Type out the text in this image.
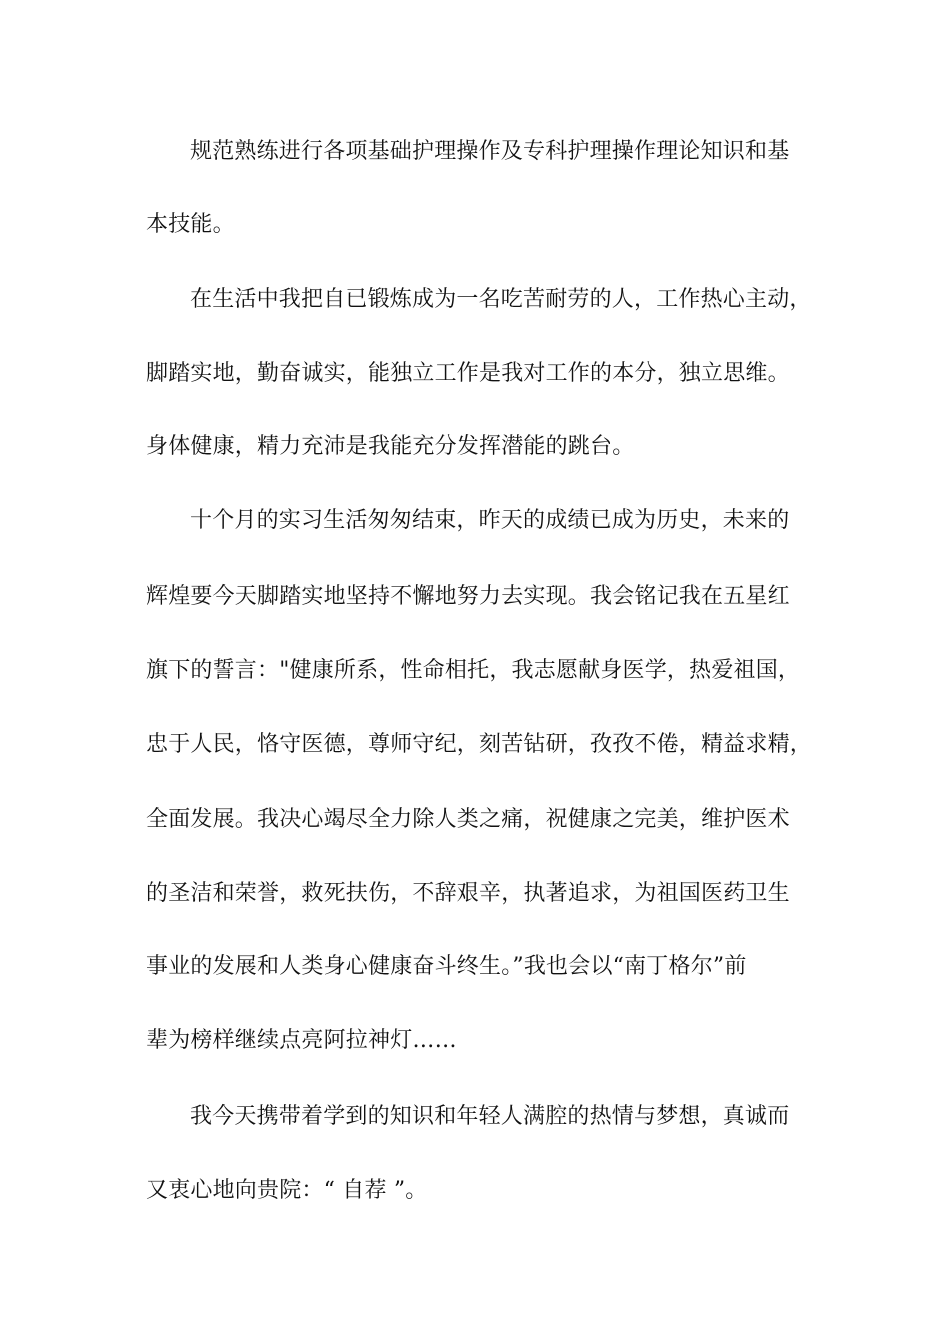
规范熟练进行各项基础护理操作及专科护理操作理论知识和基
本技能。
在生活中我把自已锻炼成为一名吃苦耐劳的人，工作热心主动，
脚踏实地，勤奋诚实，能独立工作是我对工作的本分，独立思维。
身体健康，精力充沛是我能充分发挥潜能的跳台。
十个月的实习生活匆匆结束，昨天的成绩已成为历史，未来的
辉煌要今天脚踏实地坚持不懈地努力去实现。我会铭记我在五星红
旗下的誓言："健康所系，性命相托，我志愿献身医学，热爱祖国，
忠于人民，恪守医德，尊师守纪，刻苦钻研，孜孜不倦，精益求精，
全面发展。我决心竭尽全力除人类之痛，祝健康之完美，维护医术
的圣洁和荣誉，救死扶伤，不辞艰辛，执著追求，为祖国医药卫生
事业的发展和人类身心健康奋斗终生。”我也会以“南丁格尔”前
辈为榜样继续点亮阿拉神灯……
我今天携带着学到的知识和年轻人满腔的热情与梦想，真诚而
又衷心地向贵院：“ 自荐 ”。
